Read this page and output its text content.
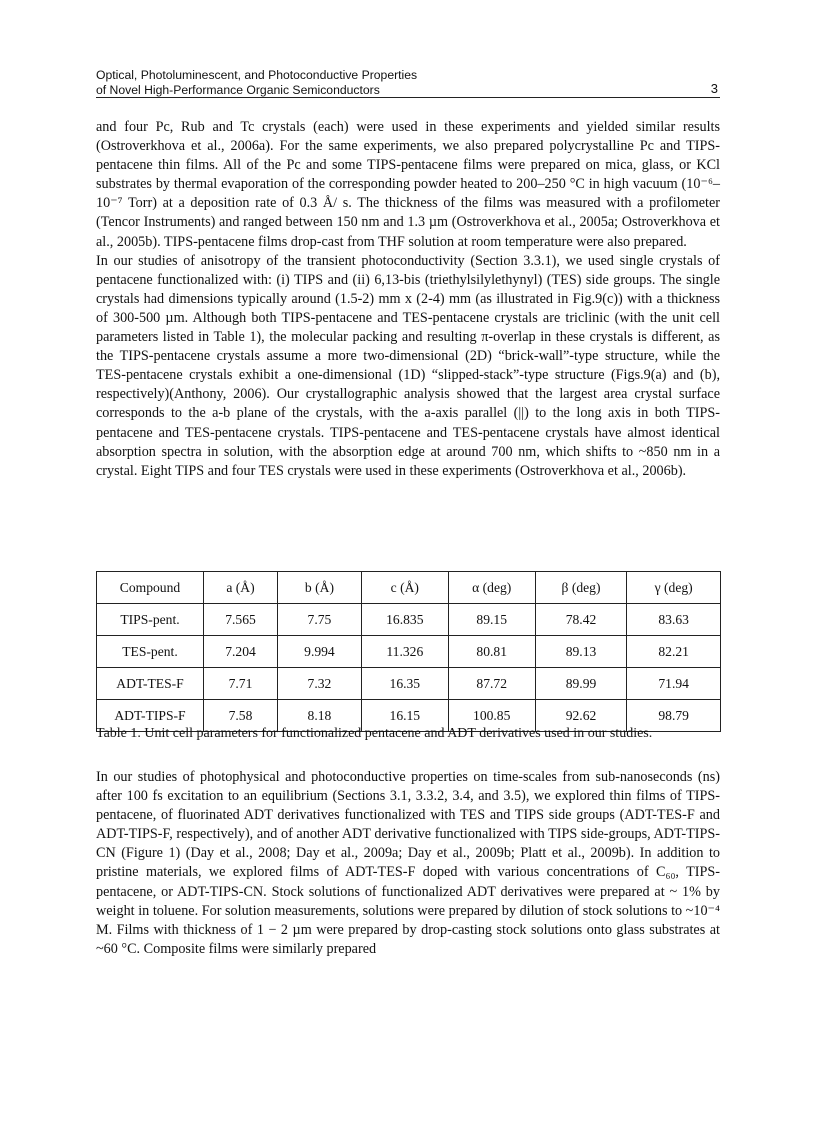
Optical, Photoluminescent, and Photoconductive Properties
of Novel High-Performance Organic Semiconductors	3

and four Pc, Rub and Tc crystals (each) were used in these experiments and yielded similar results (Ostroverkhova et al., 2006a). For the same experiments, we also prepared polycrystalline Pc and TIPS-pentacene thin films. All of the Pc and some TIPS-pentacene films were prepared on mica, glass, or KCl substrates by thermal evaporation of the corresponding powder heated to 200–250 °C in high vacuum (10⁻⁶–10⁻⁷ Torr) at a deposition rate of 0.3 Å/ s. The thickness of the films was measured with a profilometer (Tencor Instruments) and ranged between 150 nm and 1.3 µm (Ostroverkhova et al., 2005a; Ostroverkhova et al., 2005b). TIPS-pentacene films drop-cast from THF solution at room temperature were also prepared.

In our studies of anisotropy of the transient photoconductivity (Section 3.3.1), we used single crystals of pentacene functionalized with: (i) TIPS and (ii) 6,13-bis (triethylsilylethynyl) (TES) side groups. The single crystals had dimensions typically around (1.5-2) mm x (2-4) mm (as illustrated in Fig.9(c)) with a thickness of 300-500 µm. Although both TIPS-pentacene and TES-pentacene crystals are triclinic (with the unit cell parameters listed in Table 1), the molecular packing and resulting π-overlap in these crystals is different, as the TIPS-pentacene crystals assume a more two-dimensional (2D) “brick-wall”-type structure, while the TES-pentacene crystals exhibit a one-dimensional (1D) “slipped-stack”-type structure (Figs.9(a) and (b), respectively)(Anthony, 2006). Our crystallographic analysis showed that the largest area crystal surface corresponds to the a-b plane of the crystals, with the a-axis parallel (||) to the long axis in both TIPS-pentacene and TES-pentacene crystals. TIPS-pentacene and TES-pentacene crystals have almost identical absorption spectra in solution, with the absorption edge at around 700 nm, which shifts to ~850 nm in a crystal. Eight TIPS and four TES crystals were used in these experiments (Ostroverkhova et al., 2006b).

Compound	a (Å)	b (Å)	c (Å)	α (deg)	β (deg)	γ (deg)
TIPS-pent.	7.565	7.75	16.835	89.15	78.42	83.63
TES-pent.	7.204	9.994	11.326	80.81	89.13	82.21
ADT-TES-F	7.71	7.32	16.35	87.72	89.99	71.94
ADT-TIPS-F	7.58	8.18	16.15	100.85	92.62	98.79
Table 1. Unit cell parameters for functionalized pentacene and ADT derivatives used in our studies.

In our studies of photophysical and photoconductive properties on time-scales from sub-nanoseconds (ns) after 100 fs excitation to an equilibrium (Sections 3.1, 3.3.2, 3.4, and 3.5), we explored thin films of TIPS-pentacene, of fluorinated ADT derivatives functionalized with TES and TIPS side groups (ADT-TES-F and ADT-TIPS-F, respectively), and of another ADT derivative functionalized with TIPS side-groups, ADT-TIPS-CN (Figure 1) (Day et al., 2008; Day et al., 2009a; Day et al., 2009b; Platt et al., 2009b). In addition to pristine materials, we explored films of ADT-TES-F doped with various concentrations of C₆₀, TIPS-pentacene, or ADT-TIPS-CN. Stock solutions of functionalized ADT derivatives were prepared at ~ 1% by weight in toluene. For solution measurements, solutions were prepared by dilution of stock solutions to ~10⁻⁴ M. Films with thickness of 1 − 2 µm were prepared by drop-casting stock solutions onto glass substrates at ~60 °C. Composite films were similarly prepared
